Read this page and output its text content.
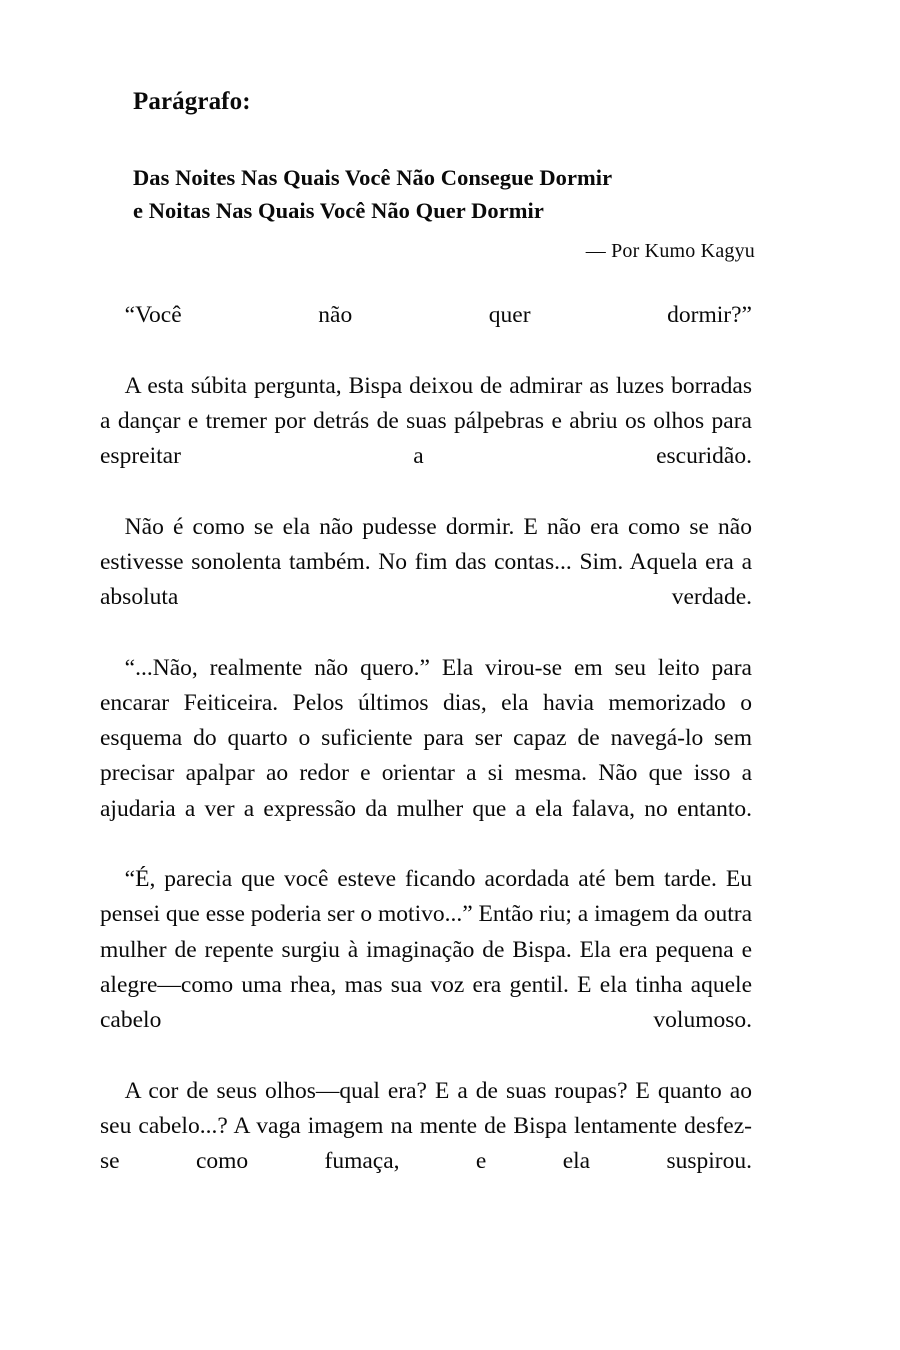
Parágrafo:
Das Noites Nas Quais Você Não Consegue Dormir
e Noitas Nas Quais Você Não Quer Dormir

— Por Kumo Kagyu

“Você não quer dormir?”

A esta súbita pergunta, Bispa deixou de admirar as luzes borradas a dançar e tremer por detrás de suas pálpebras e abriu os olhos para espreitar a escuridão.

Não é como se ela não pudesse dormir. E não era como se não estivesse sonolenta também. No fim das contas... Sim. Aquela era a absoluta verdade.

“...Não, realmente não quero.” Ela virou-se em seu leito para encarar Feiticeira. Pelos últimos dias, ela havia memorizado o esquema do quarto o suficiente para ser capaz de navegá-lo sem precisar apalpar ao redor e orientar a si mesma. Não que isso a ajudaria a ver a expressão da mulher que a ela falava, no entanto.

“É, parecia que você esteve ficando acordada até bem tarde. Eu pensei que esse poderia ser o motivo...” Então riu; a imagem da outra mulher de repente surgiu à imaginação de Bispa. Ela era pequena e alegre—como uma rhea, mas sua voz era gentil. E ela tinha aquele cabelo volumoso.

A cor de seus olhos—qual era? E a de suas roupas? E quanto ao seu cabelo...? A vaga imagem na mente de Bispa lentamente desfez-se como fumaça, e ela suspirou.
